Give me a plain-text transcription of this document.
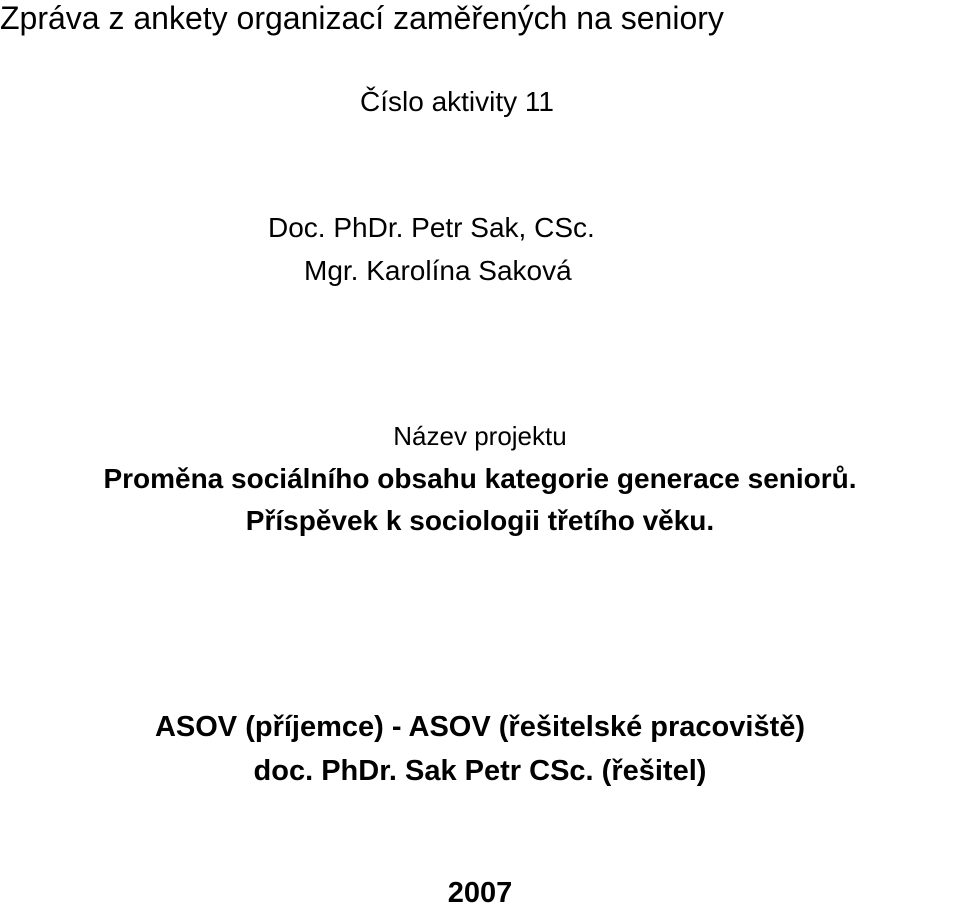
Zpráva z ankety organizací zaměřených na seniory
Číslo aktivity 11
Doc. PhDr. Petr Sak, CSc.
Mgr. Karolína Saková
Název projektu
Proměna sociálního obsahu kategorie generace seniorů.
Příspěvek k sociologii třetího věku.
ASOV (příjemce) - ASOV (řešitelské pracoviště)
doc. PhDr. Sak Petr CSc. (řešitel)
2007
